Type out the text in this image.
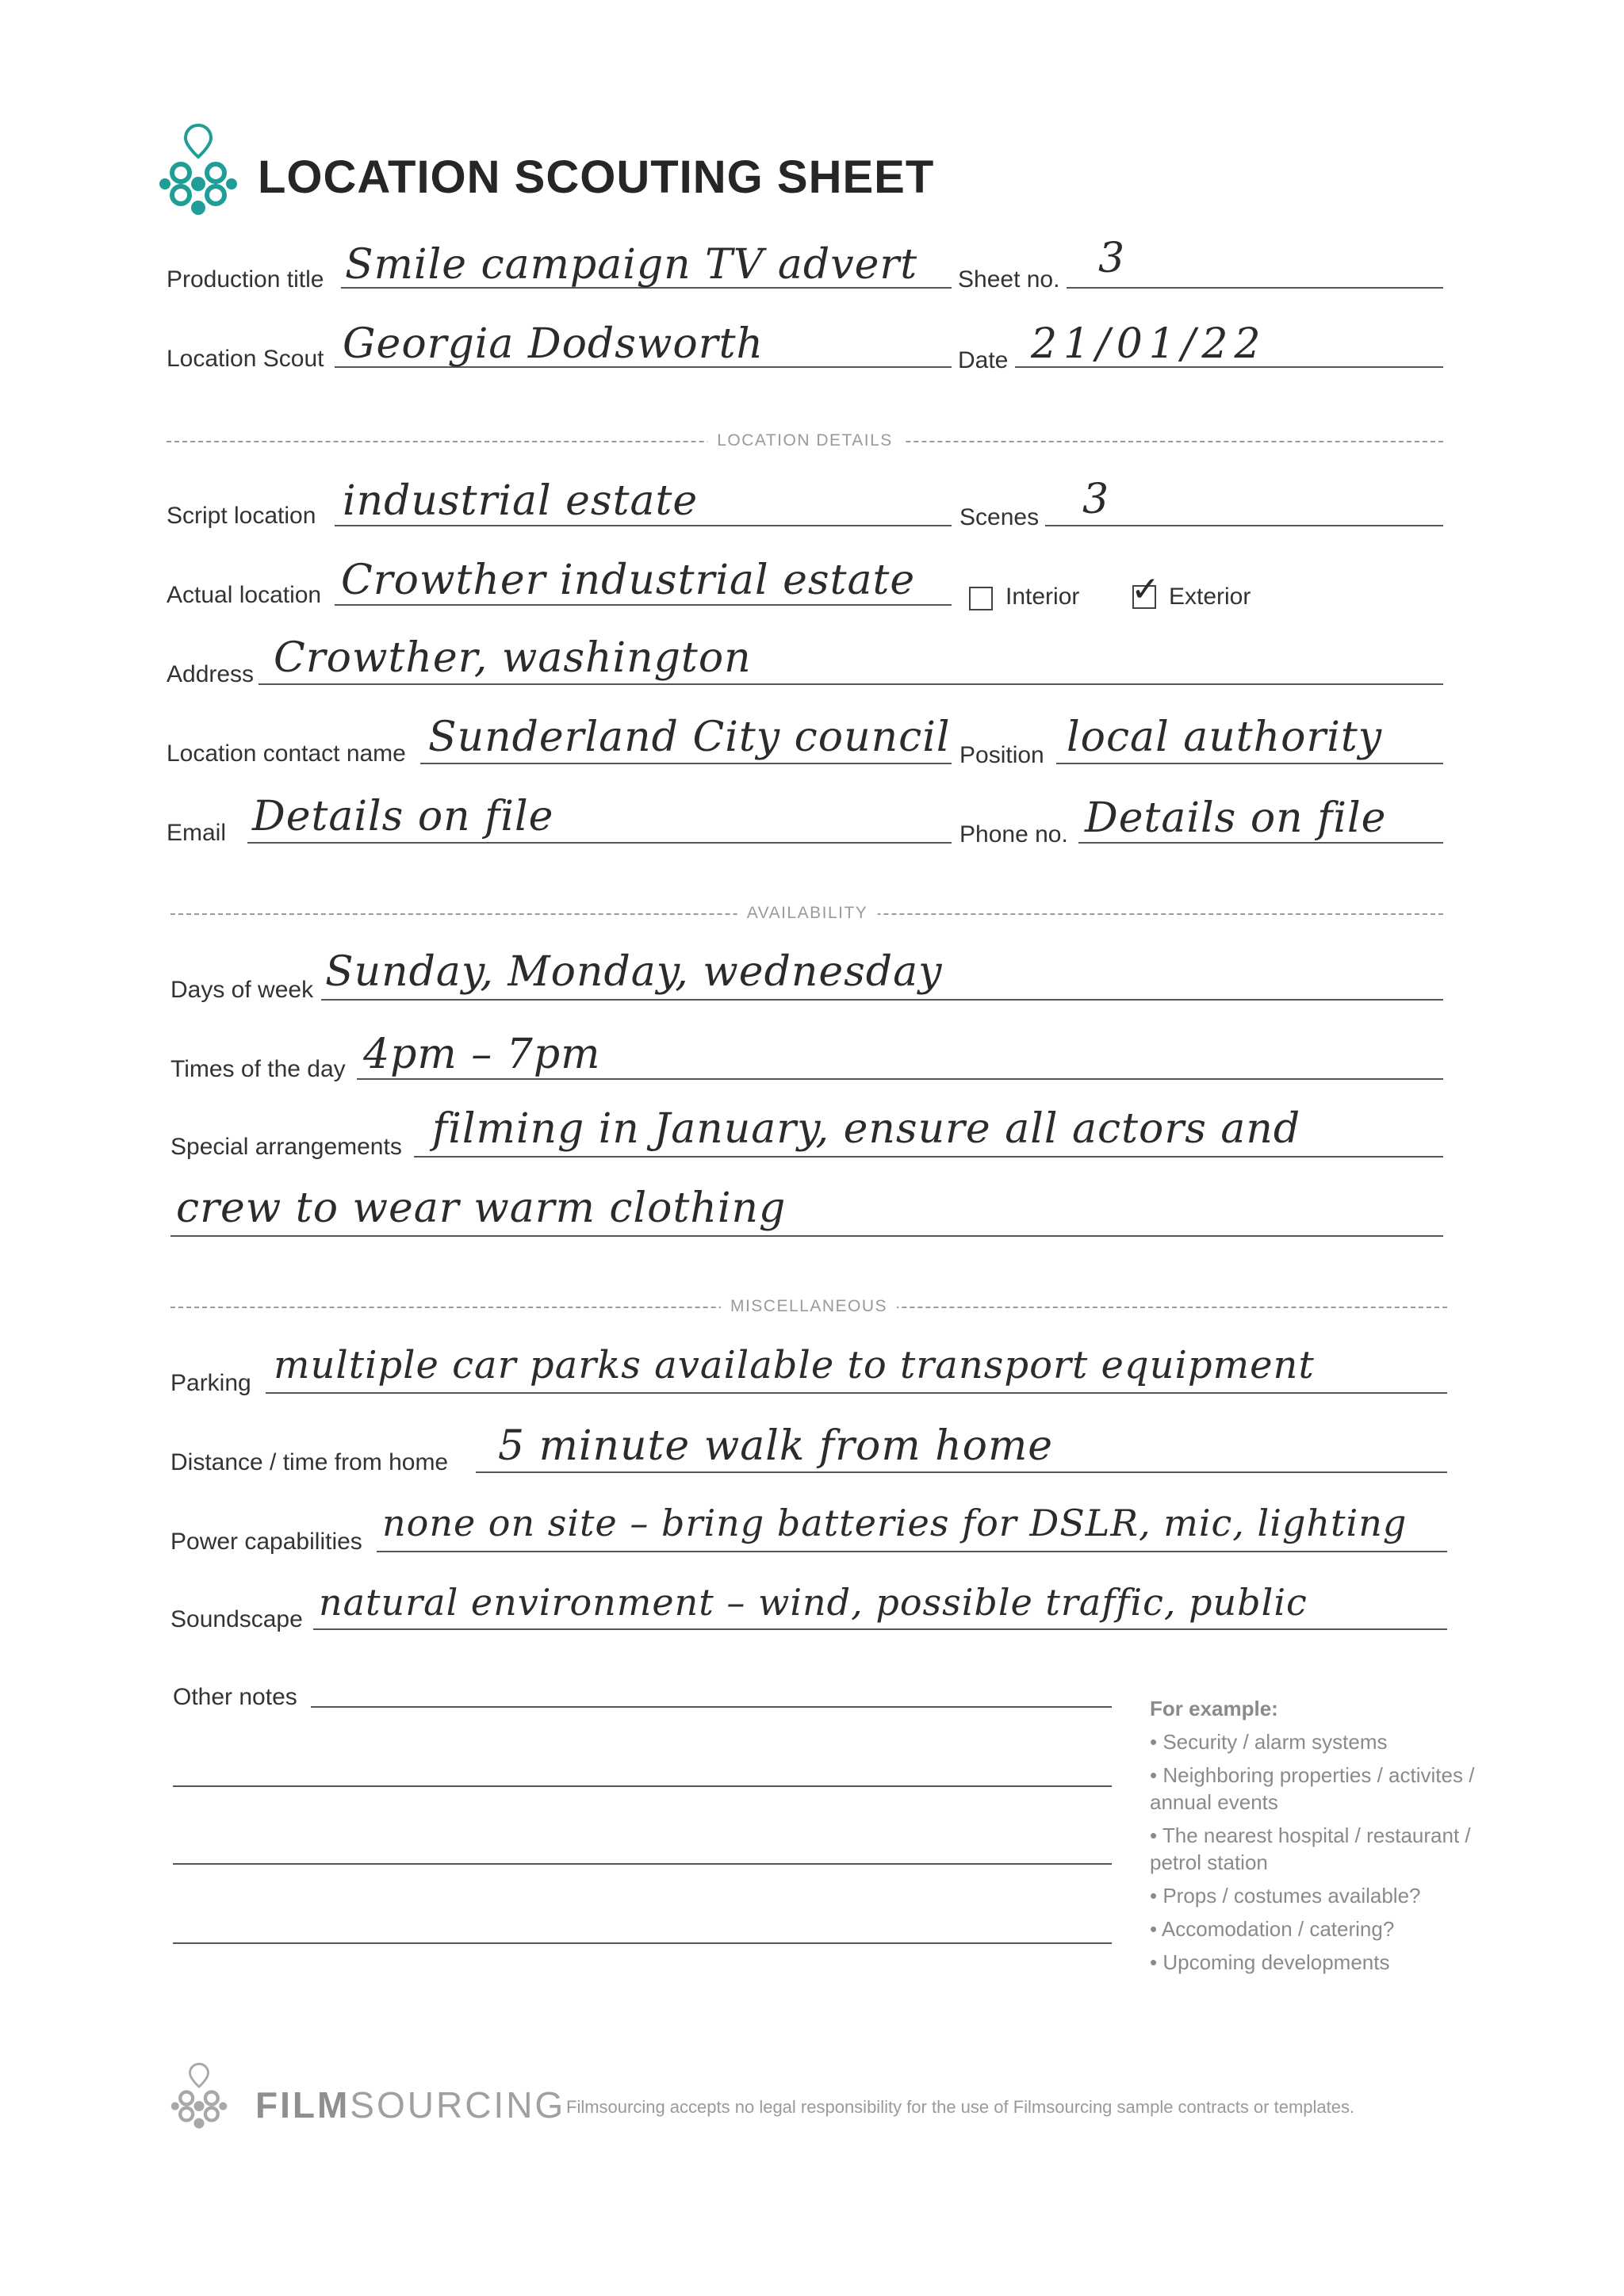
LOCATION SCOUTING SHEET
Production title Smile campaign TV advert Sheet no. 3
Location Scout Georgia Dodsworth	Date 21/01/22
LOCATION DETAILS
Script location industrial estate	Scenes 3
Actual location Crowther industrial estate	Interior ✓ Exterior
Address Crowther, washington
Location contact name Sunderland City council Position local authority
Email Details on file	Phone no. Details on file
AVAILABILITY
Days of week Sunday, Monday, wednesday
Times of the day 4pm – 7pm
Special arrangements filming in January, ensure all actors and
crew to wear warm clothing
MISCELLANEOUS
Parking multiple car parks available to transport equipment
Distance / time from home 5 minute walk from home
Power capabilities none on site – bring batteries for DSLR, mic, lighting
Soundscape natural environment – wind, possible traffic, public
Other notes	For example:
• Security / alarm systems
• Neighboring properties / activites / annual events
• The nearest hospital / restaurant / petrol station
• Props / costumes available?
• Accomodation / catering?
• Upcoming developments
FILMSOURCING Filmsourcing accepts no legal responsibility for the use of Filmsourcing sample contracts or templates.
